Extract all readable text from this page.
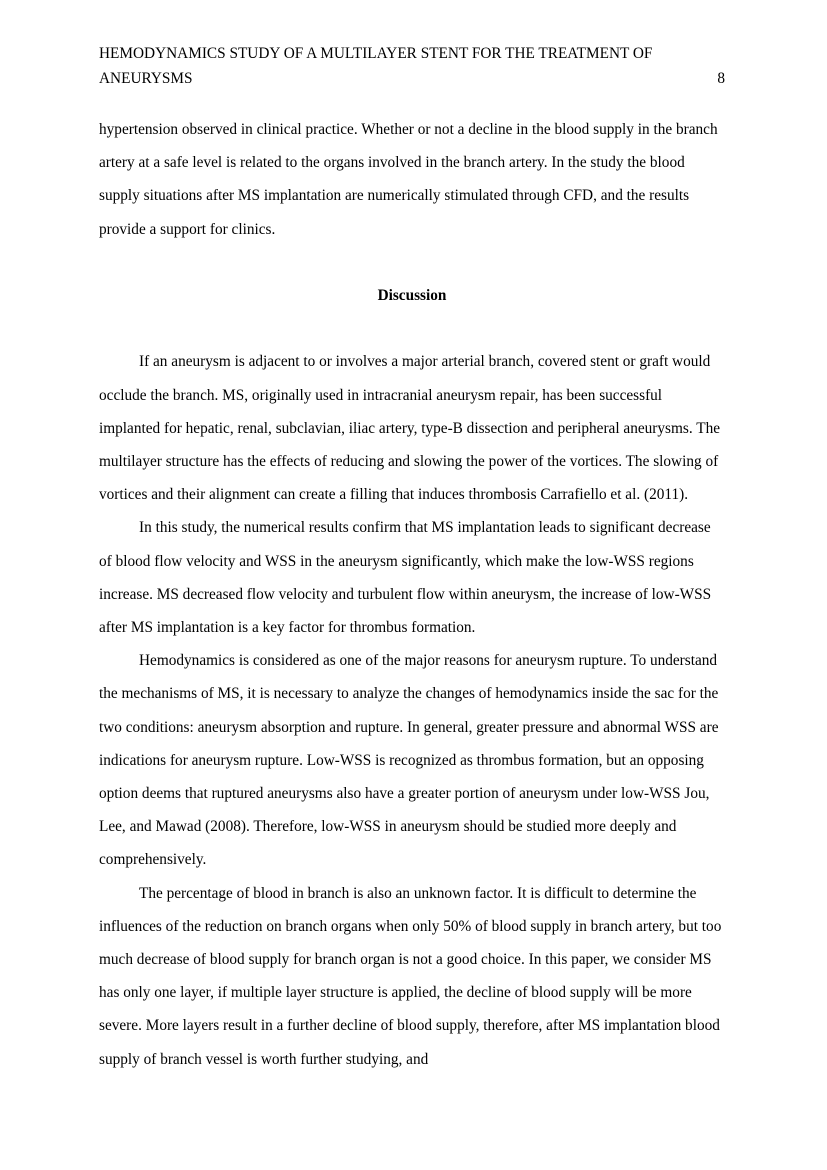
HEMODYNAMICS STUDY OF A MULTILAYER STENT FOR THE TREATMENT OF
ANEURYSMS	8

hypertension observed in clinical practice. Whether or not a decline in the blood supply in the branch artery at a safe level is related to the organs involved in the branch artery. In the study the blood supply situations after MS implantation are numerically stimulated through CFD, and the results provide a support for clinics.

Discussion

If an aneurysm is adjacent to or involves a major arterial branch, covered stent or graft would occlude the branch. MS, originally used in intracranial aneurysm repair, has been successful implanted for hepatic, renal, subclavian, iliac artery, type-B dissection and peripheral aneurysms. The multilayer structure has the effects of reducing and slowing the power of the vortices. The slowing of vortices and their alignment can create a filling that induces thrombosis Carrafiello et al. (2011).

In this study, the numerical results confirm that MS implantation leads to significant decrease of blood flow velocity and WSS in the aneurysm significantly, which make the low-WSS regions increase. MS decreased flow velocity and turbulent flow within aneurysm, the increase of low-WSS after MS implantation is a key factor for thrombus formation.

Hemodynamics is considered as one of the major reasons for aneurysm rupture. To understand the mechanisms of MS, it is necessary to analyze the changes of hemodynamics inside the sac for the two conditions: aneurysm absorption and rupture. In general, greater pressure and abnormal WSS are indications for aneurysm rupture. Low-WSS is recognized as thrombus formation, but an opposing option deems that ruptured aneurysms also have a greater portion of aneurysm under low-WSS Jou, Lee, and Mawad (2008). Therefore, low-WSS in aneurysm should be studied more deeply and comprehensively.

The percentage of blood in branch is also an unknown factor. It is difficult to determine the influences of the reduction on branch organs when only 50% of blood supply in branch artery, but too much decrease of blood supply for branch organ is not a good choice. In this paper, we consider MS has only one layer, if multiple layer structure is applied, the decline of blood supply will be more severe. More layers result in a further decline of blood supply, therefore, after MS implantation blood supply of branch vessel is worth further studying, and
